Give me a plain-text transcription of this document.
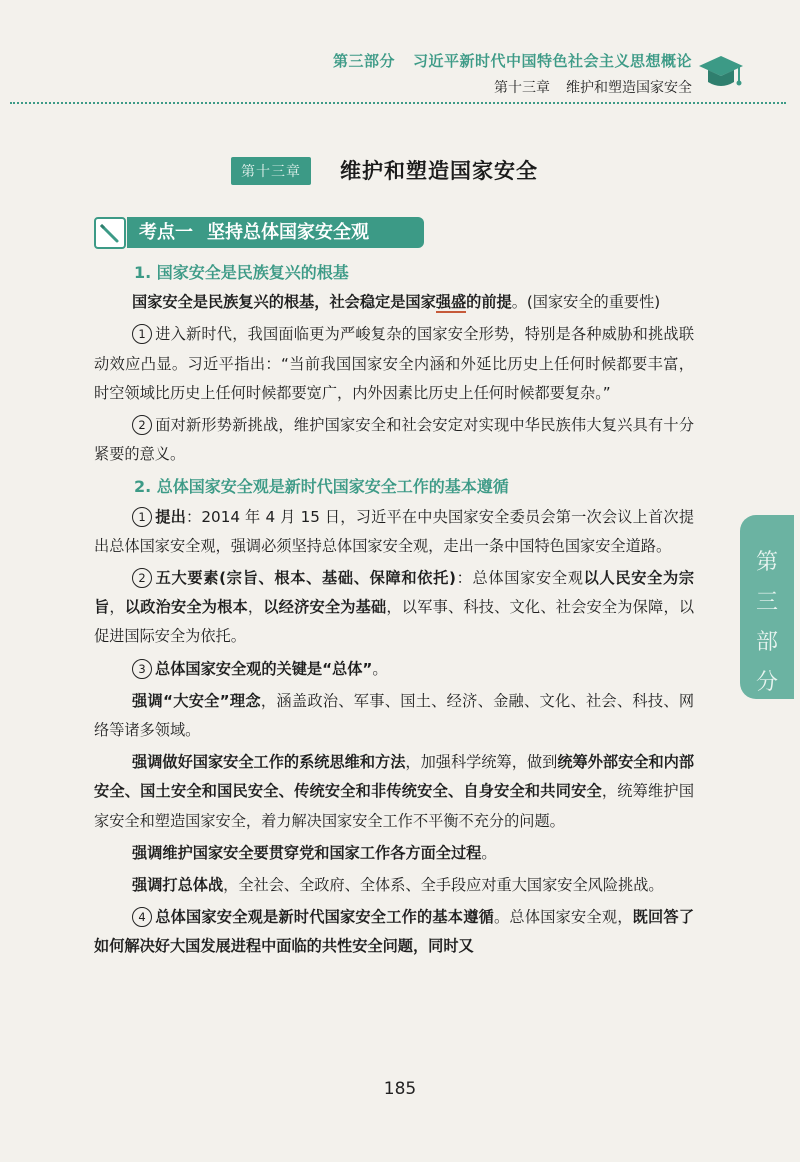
第三部分 习近平新时代中国特色社会主义思想概论
第十三章 维护和塑造国家安全
第十三章	维护和塑造国家安全
考点一 坚持总体国家安全观
1. 国家安全是民族复兴的根基

国家安全是民族复兴的根基，社会稳定是国家强盛的前提。(国家安全的重要性)

1 进入新时代，我国面临更为严峻复杂的国家安全形势，特别是各种威胁和挑战联动效应凸显。习近平指出：“当前我国国家安全内涵和外延比历史上任何时候都要丰富，时空领域比历史上任何时候都要宽广，内外因素比历史上任何时候都要复杂。”

2 面对新形势新挑战，维护国家安全和社会安定对实现中华民族伟大复兴具有十分紧要的意义。

2. 总体国家安全观是新时代国家安全工作的基本遵循

1 提出：2014 年 4 月 15 日，习近平在中央国家安全委员会第一次会议上首次提出总体国家安全观，强调必须坚持总体国家安全观，走出一条中国特色国家安全道路。

2 五大要素(宗旨、根本、基础、保障和依托)：总体国家安全观以人民安全为宗旨，以政治安全为根本，以经济安全为基础，以军事、科技、文化、社会安全为保障，以促进国际安全为依托。

3 总体国家安全观的关键是“总体”。

强调“大安全”理念，涵盖政治、军事、国土、经济、金融、文化、社会、科技、网络等诸多领域。

强调做好国家安全工作的系统思维和方法，加强科学统筹，做到统筹外部安全和内部安全、国土安全和国民安全、传统安全和非传统安全、自身安全和共同安全，统筹维护国家安全和塑造国家安全，着力解决国家安全工作不平衡不充分的问题。

强调维护国家安全要贯穿党和国家工作各方面全过程。

强调打总体战，全社会、全政府、全体系、全手段应对重大国家安全风险挑战。

4 总体国家安全观是新时代国家安全工作的基本遵循。总体国家安全观，既回答了如何解决好大国发展进程中面临的共性安全问题，同时又

第
三
部
分
185
